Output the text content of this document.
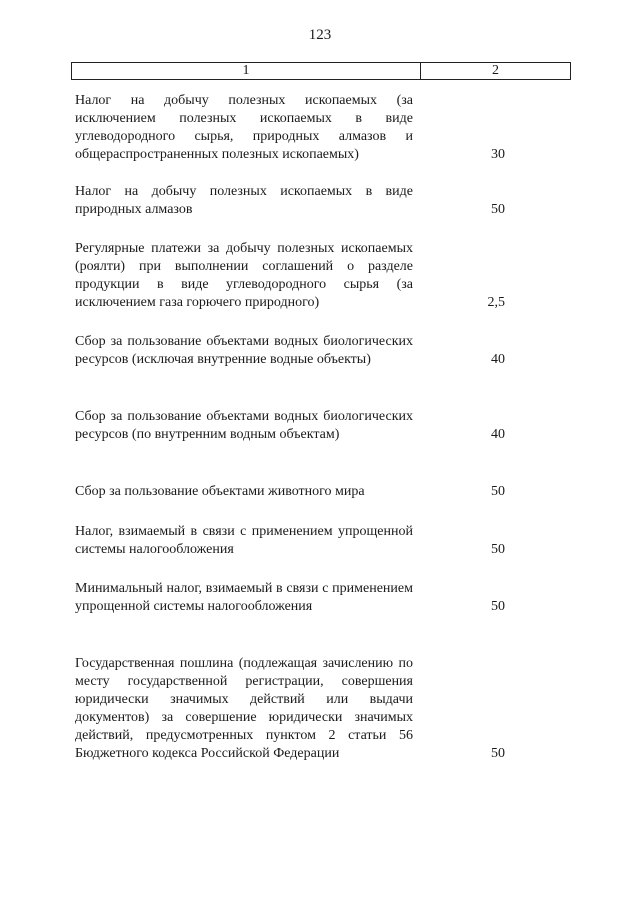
123
1	2
Налог на добычу полезных ископаемых (за исключением полезных ископаемых в виде углеводородного сырья, природных алмазов и общераспространенных полезных ископаемых)	30
Налог на добычу полезных ископаемых в виде природных алмазов	50
Регулярные платежи за добычу полезных ископаемых (роялти) при выполнении соглашений о разделе продукции в виде углеводородного сырья (за исключением газа горючего природного)	2,5
Сбор за пользование объектами водных биологических ресурсов (исключая внутренние водные объекты)	40
Сбор за пользование объектами водных биологических ресурсов (по внутренним водным объектам)	40
Сбор за пользование объектами животного мира	50
Налог, взимаемый в связи с применением упрощенной системы налогообложения	50
Минимальный налог, взимаемый в связи с применением упрощенной системы налогообложения	50
Государственная пошлина (подлежащая зачислению по месту государственной регистрации, совершения юридически значимых действий или выдачи документов) за совершение юридически значимых действий, предусмотренных пунктом 2 статьи 56 Бюджетного кодекса Российской Федерации	50
